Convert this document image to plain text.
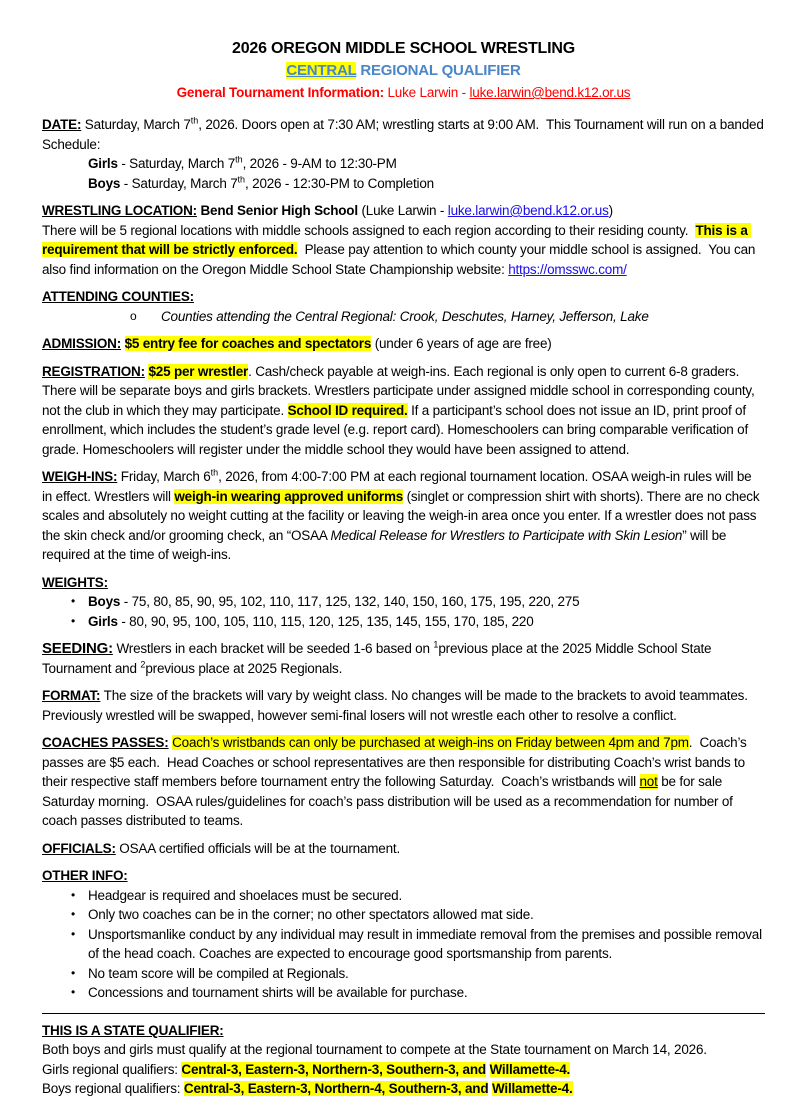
2026 OREGON MIDDLE SCHOOL WRESTLING

CENTRAL REGIONAL QUALIFIER

General Tournament Information: Luke Larwin - luke.larwin@bend.k12.or.us

DATE: Saturday, March 7th, 2026. Doors open at 7:30 AM; wrestling starts at 9:00 AM.  This Tournament will run on a banded Schedule:

Girls - Saturday, March 7th, 2026 - 9-AM to 12:30-PM

Boys - Saturday, March 7th, 2026 - 12:30-PM to Completion

WRESTLING LOCATION: Bend Senior High School (Luke Larwin - luke.larwin@bend.k12.or.us)

There will be 5 regional locations with middle schools assigned to each region according to their residing county.  This is a requirement that will be strictly enforced.  Please pay attention to which county your middle school is assigned.  You can also find information on the Oregon Middle School State Championship website: https://omsswc.com/

ATTENDING COUNTIES:

o	Counties attending the Central Regional: Crook, Deschutes, Harney, Jefferson, Lake

ADMISSION: $5 entry fee for coaches and spectators (under 6 years of age are free)

REGISTRATION: $25 per wrestler. Cash/check payable at weigh-ins. Each regional is only open to current 6-8 graders. There will be separate boys and girls brackets. Wrestlers participate under assigned middle school in corresponding county, not the club in which they may participate. School ID required. If a participant’s school does not issue an ID, print proof of enrollment, which includes the student’s grade level (e.g. report card). Homeschoolers can bring comparable verification of grade. Homeschoolers will register under the middle school they would have been assigned to attend.

WEIGH-INS: Friday, March 6th, 2026, from 4:00-7:00 PM at each regional tournament location. OSAA weigh-in rules will be in effect. Wrestlers will weigh-in wearing approved uniforms (singlet or compression shirt with shorts). There are no check scales and absolutely no weight cutting at the facility or leaving the weigh-in area once you enter. If a wrestler does not pass the skin check and/or grooming check, an “OSAA Medical Release for Wrestlers to Participate with Skin Lesion” will be required at the time of weigh-ins.

WEIGHTS:

• Boys - 75, 80, 85, 90, 95, 102, 110, 117, 125, 132, 140, 150, 160, 175, 195, 220, 275

• Girls - 80, 90, 95, 100, 105, 110, 115, 120, 125, 135, 145, 155, 170, 185, 220

SEEDING: Wrestlers in each bracket will be seeded 1-6 based on $^1$previous place at the 2025 Middle School State Tournament and $^2$previous place at 2025 Regionals.

FORMAT: The size of the brackets will vary by weight class. No changes will be made to the brackets to avoid teammates. Previously wrestled will be swapped, however semi-final losers will not wrestle each other to resolve a conflict.

COACHES PASSES: Coach’s wristbands can only be purchased at weigh-ins on Friday between 4pm and 7pm.  Coach’s passes are $5 each.  Head Coaches or school representatives are then responsible for distributing Coach’s wrist bands to their respective staff members before tournament entry the following Saturday.  Coach’s wristbands will not be for sale Saturday morning.  OSAA rules/guidelines for coach’s pass distribution will be used as a recommendation for number of coach passes distributed to teams.

OFFICIALS: OSAA certified officials will be at the tournament.

OTHER INFO:

• Headgear is required and shoelaces must be secured.

• Only two coaches can be in the corner; no other spectators allowed mat side.

• Unsportsmanlike conduct by any individual may result in immediate removal from the premises and possible removal of the head coach. Coaches are expected to encourage good sportsmanship from parents.

• No team score will be compiled at Regionals.

• Concessions and tournament shirts will be available for purchase.

THIS IS A STATE QUALIFIER:

Both boys and girls must qualify at the regional tournament to compete at the State tournament on March 14, 2026.

Girls regional qualifiers: Central-3, Eastern-3, Northern-3, Southern-3, and Willamette-4.

Boys regional qualifiers: Central-3, Eastern-3, Northern-4, Southern-3, and Willamette-4.
